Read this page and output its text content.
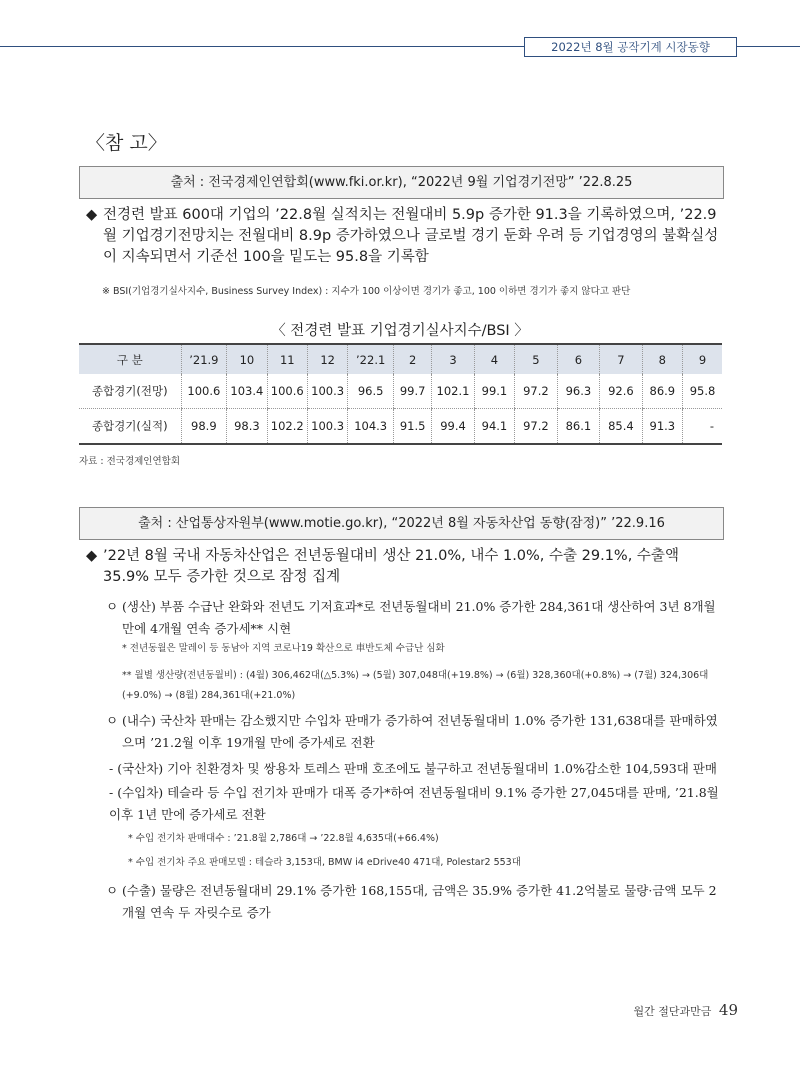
2022년 8월 공작기계 시장동향
〈참 고〉
출처 : 전국경제인연합회(www.fki.or.kr), “2022년 9월 기업경기전망” ’22.8.25
◆ 전경련 발표 600대 기업의 ’22.8월 실적치는 전월대비 5.9p 증가한 91.3을 기록하였으며, ’22.9월 기업경기전망치는 전월대비 8.9p 증가하였으나 글로벌 경기 둔화 우려 등 기업경영의 불확실성이 지속되면서 기준선 100을 밑도는 95.8을 기록함
※ BSI(기업경기실사지수, Business Survey Index) : 지수가 100 이상이면 경기가 좋고, 100 이하면 경기가 좋지 않다고 판단
〈 전경련 발표 기업경기실사지수/BSI 〉
구 분	’21.9	10	11	12	’22.1	2	3	4	5	6	7	8	9
종합경기(전망)	100.6	103.4	100.6	100.3	96.5	99.7	102.1	99.1	97.2	96.3	92.6	86.9	95.8
종합경기(실적)	98.9	98.3	102.2	100.3	104.3	91.5	99.4	94.1	97.2	86.1	85.4	91.3	-
자료 : 전국경제인연합회
출처 : 산업통상자원부(www.motie.go.kr), “2022년 8월 자동차산업 동향(잠정)” ’22.9.16
◆ ’22년 8월 국내 자동차산업은 전년동월대비 생산 21.0%, 내수 1.0%, 수출 29.1%, 수출액 35.9% 모두 증가한 것으로 잠정 집계
ㅇ (생산) 부품 수급난 완화와 전년도 기저효과*로 전년동월대비 21.0% 증가한 284,361대 생산하여 3년 8개월 만에 4개월 연속 증가세** 시현
* 전년동월은 말레이 등 동남아 지역 코로나19 확산으로 車반도체 수급난 심화
** 월별 생산량(전년동월비) : (4월) 306,462대(△5.3%) → (5월) 307,048대(+19.8%) → (6월) 328,360대(+0.8%) → (7월) 324,306대(+9.0%) → (8월) 284,361대(+21.0%)
ㅇ (내수) 국산차 판매는 감소했지만 수입차 판매가 증가하여 전년동월대비 1.0% 증가한 131,638대를 판매하였으며 ’21.2월 이후 19개월 만에 증가세로 전환
- (국산차) 기아 친환경차 및 쌍용차 토레스 판매 호조에도 불구하고 전년동월대비 1.0%감소한 104,593대 판매
- (수입차) 테슬라 등 수입 전기차 판매가 대폭 증가*하여 전년동월대비 9.1% 증가한 27,045대를 판매, ’21.8월 이후 1년 만에 증가세로 전환
* 수입 전기차 판매대수 : ’21.8월 2,786대 → ’22.8월 4,635대(+66.4%)
* 수입 전기차 주요 판매모델 : 테슬라 3,153대, BMW i4 eDrive40 471대, Polestar2 553대
ㅇ (수출) 물량은 전년동월대비 29.1% 증가한 168,155대, 금액은 35.9% 증가한 41.2억불로 물량·금액 모두 2개월 연속 두 자릿수로 증가
월간 절단과만금 49
